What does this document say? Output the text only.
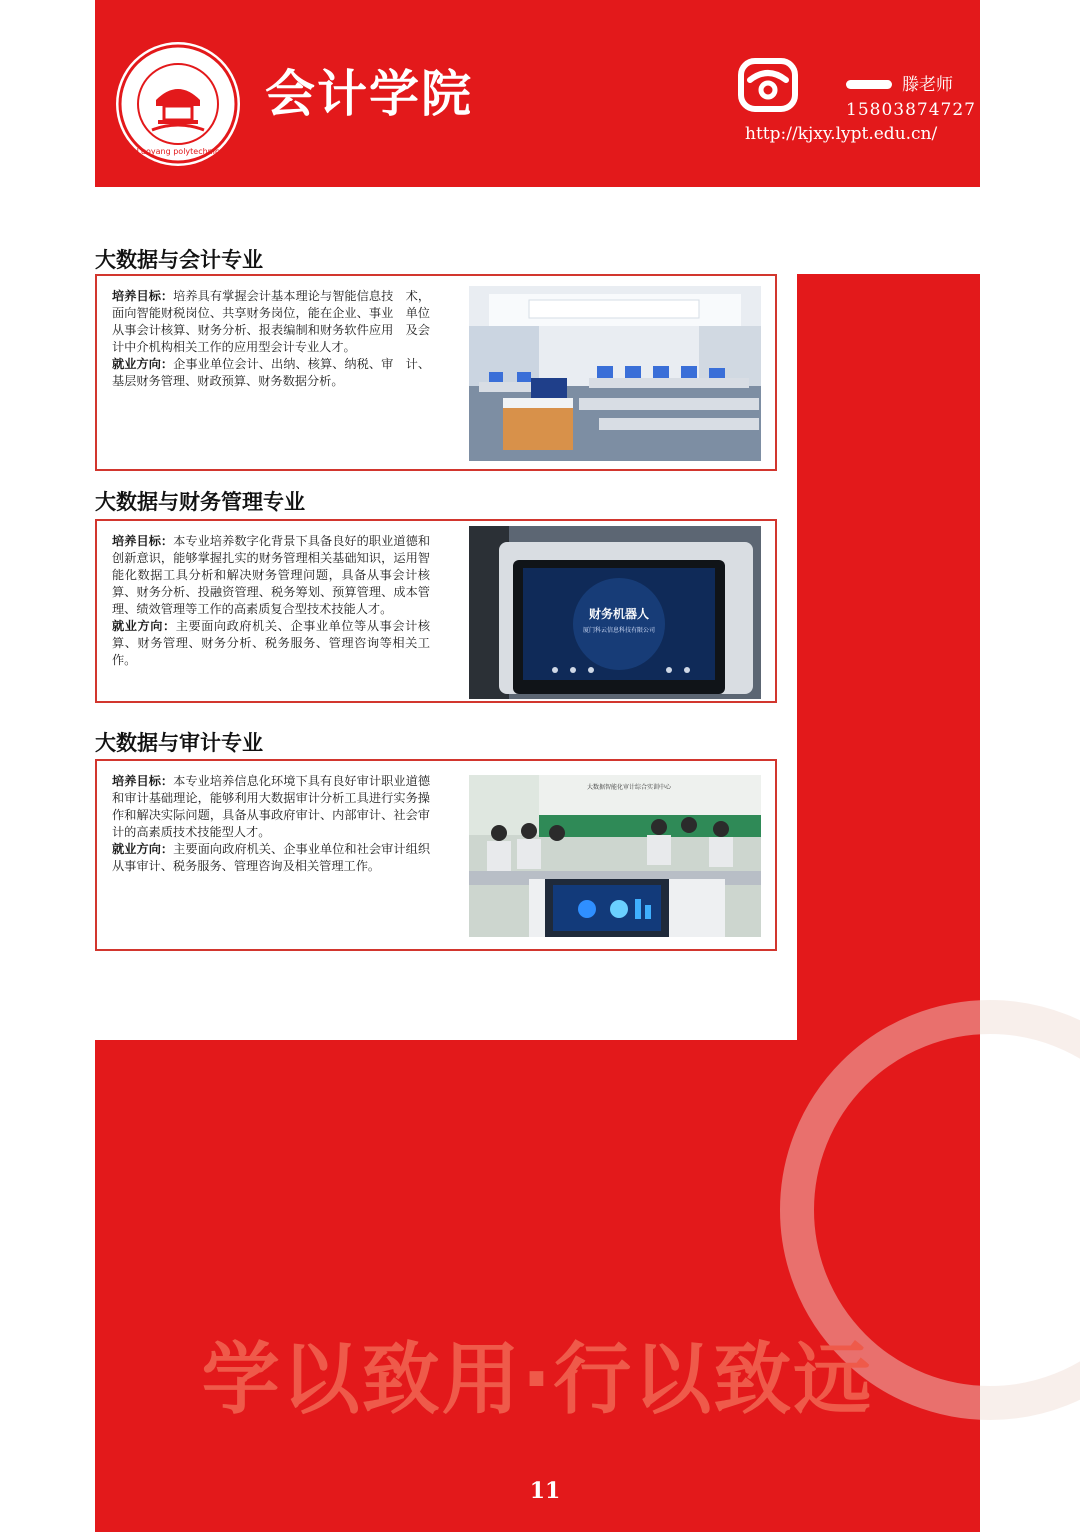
Luoyang polytechnic
会计学院	滕老师
15803874727
http://kjxy.lypt.edu.cn/
大数据与会计专业

培养目标：培养具有掌握会计基本理论与智能信息技　术，面向智能财税岗位、共享财务岗位，能在企业、事业　单位从事会计核算、财务分析、报表编制和财务软件应用　及会计中介机构相关工作的应用型会计专业人才。

就业方向：企事业单位会计、出纳、核算、纳税、审　计、基层财务管理、财政预算、财务数据分析。

大数据与财务管理专业

培养目标：本专业培养数字化背景下具备良好的职业道德和创新意识，能够掌握扎实的财务管理相关基础知识，运用智能化数据工具分析和解决财务管理问题，具备从事会计核算、财务分析、投融资管理、税务筹划、预算管理、成本管理、绩效管理等工作的高素质复合型技术技能人才。

就业方向：主要面向政府机关、企事业单位等从事会计核算、财务管理、财务分析、税务服务、管理咨询等相关工作。

财务机器人
厦门科云信息科技有限公司
大数据与审计专业

培养目标：本专业培养信息化环境下具有良好审计职业道德和审计基础理论，能够利用大数据审计分析工具进行实务操作和解决实际问题，具备从事政府审计、内部审计、社会审计的高素质技术技能型人才。

就业方向：主要面向政府机关、企事业单位和社会审计组织从事审计、税务服务、管理咨询及相关管理工作。

大数据智能化审计综合实训中心
学以致用·行以致远
11
